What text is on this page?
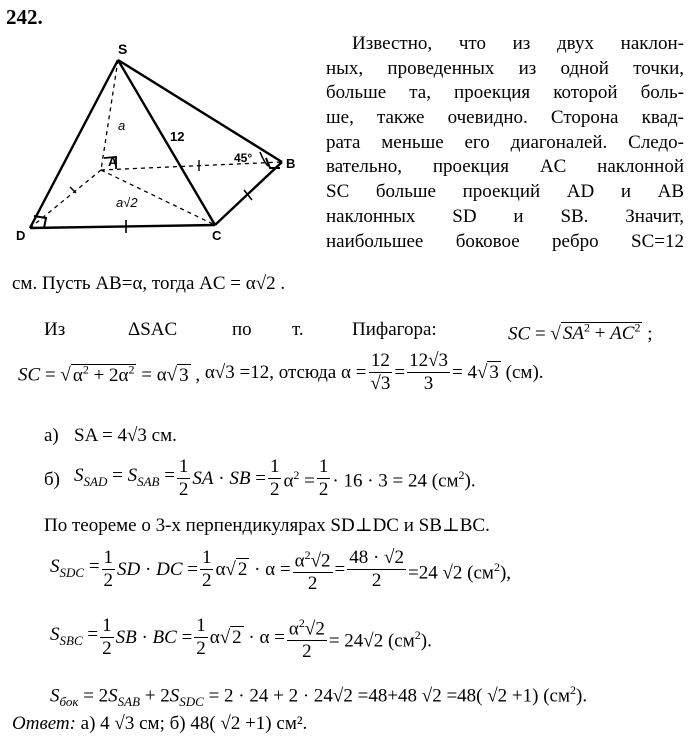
242.
S
A	B
C
D
a
12
45°
a√2
Известно, что из двух наклон-
ных, проведенных из одной точки,
больше та, проекция которой боль-
ше, также очевидно. Сторона квад-
рата меньше его диагоналей. Следо-
вательно, проекция AC наклонной
SC больше проекций AD и AB
наклонных SD и SB. Значит,
наибольшее боковое ребро SC=12
см. Пусть AB=α, тогда AC = α√2 .
Из	ΔSAC	по т.	Пифагора:	SC = √ $SA^2 + AC^2$ ;
SC = √ $\alpha^2 + 2\alpha^2 = \alpha√$ 3 , α√3 =12, отсюда $\alpha = \frac{12}{√3} = \frac{12√3}{3} = 4√$ 3 (см).
а) SA = 4√3 см.
б) $S_{SAD} = S_{SAB} = \frac{1}{2}$ SA · SB = $\frac{1}{2} \alpha^2 = \frac{1}{2} \cdot 16 \cdot 3 = 24$ $(см^2)$.
По теореме о 3-х перпендикулярах SD⊥DC и SB⊥BC.
$S_{SDC} = \frac{1}{2}$ SD · DC = $\frac{1}{2} \alpha√$ $2 \cdot \alpha = \frac{\alpha^2√2}{2} = \frac{48 \cdot √2}{2} =24$ √2 $(см^2)$,
$S_{SBC} = \frac{1}{2}$ SB · BC = $\frac{1}{2} \alpha√$ $2 \cdot \alpha = \frac{\alpha^2√2}{2} = 24√2$ $(см^2)$.
$S_{бок} = 2S_{SAB} + 2S_{SDC} = 2 \cdot 24 + 2 \cdot 24√2 =48+48$ √2 =48( √2 +1) $(см^2)$.
Ответ: а) 4 √3 см; б) 48( √2 +1) см².
